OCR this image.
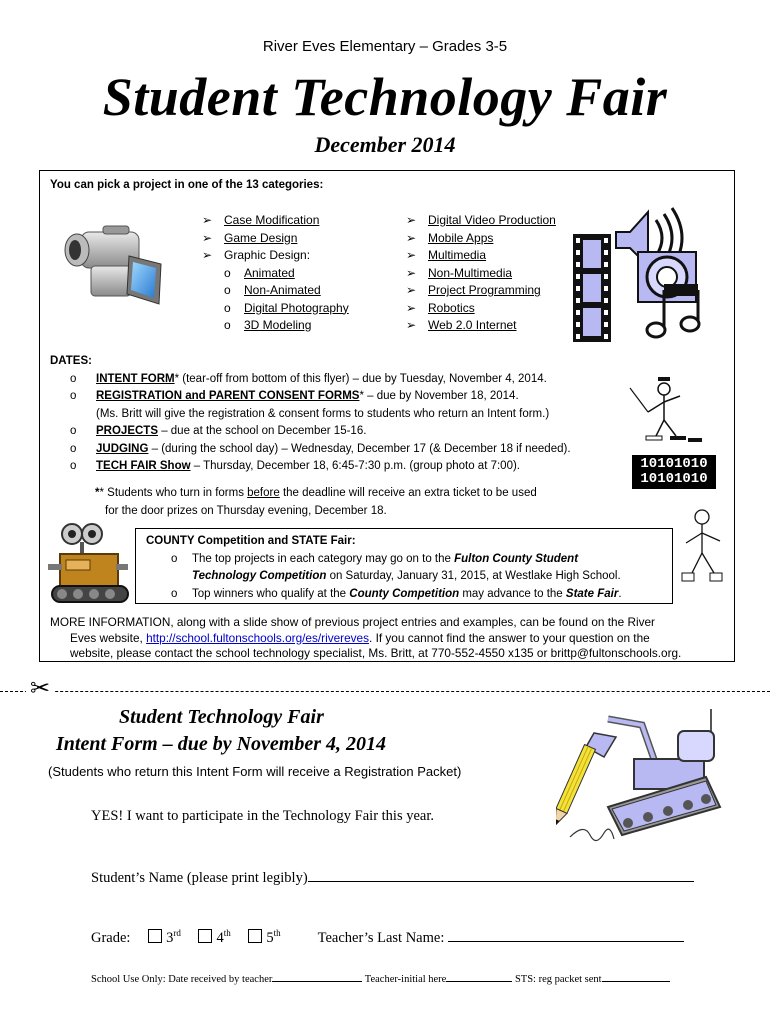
River Eves Elementary – Grades 3-5
Student Technology Fair
December 2014
You can pick a project in one of the 13 categories:
➢ Case Modification
➢ Game Design
➢ Graphic Design:
o Animated
o Non-Animated
o Digital Photography
o 3D Modeling
➢ Digital Video Production
➢ Mobile Apps
➢ Multimedia
➢ Non-Multimedia
➢ Project Programming
➢ Robotics
➢ Web 2.0 Internet
DATES:
o INTENT FORM* (tear-off from bottom of this flyer) – due by Tuesday, November 4, 2014.
o REGISTRATION and PARENT CONSENT FORMS* – due by November 18, 2014.
(Ms. Britt will give the registration & consent forms to students who return an Intent form.)
o PROJECTS – due at the school on December 15-16.
o JUDGING – (during the school day) – Wednesday, December 17 (& December 18 if needed).
o TECH FAIR Show – Thursday, December 18, 6:45-7:30 p.m. (group photo at 7:00).
** Students who turn in forms before the deadline will receive an extra ticket to be used
for the door prizes on Thursday evening, December 18.
10101010
10101010
COUNTY Competition and STATE Fair:
o The top projects in each category may go on to the Fulton County Student
Technology Competition on Saturday, January 31, 2015, at Westlake High School.
o Top winners who qualify at the County Competition may advance to the State Fair.
MORE INFORMATION, along with a slide show of previous project entries and examples, can be found on the River
Eves website, http://school.fultonschools.org/es/rivereves. If you cannot find the answer to your question on the
website, please contact the school technology specialist, Ms. Britt, at 770-552-4550 x135 or brittp@fultonschools.org.
✂
Student Technology Fair
Intent Form – due by November 4, 2014
(Students who return this Intent Form will receive a Registration Packet)
YES! I want to participate in the Technology Fair this year.
Student’s Name (please print legibly)
Grade: 3rd 4th 5th	Teacher’s Last Name:
School Use Only: Date received by teacher	Teacher-initial here	STS: reg packet sent
